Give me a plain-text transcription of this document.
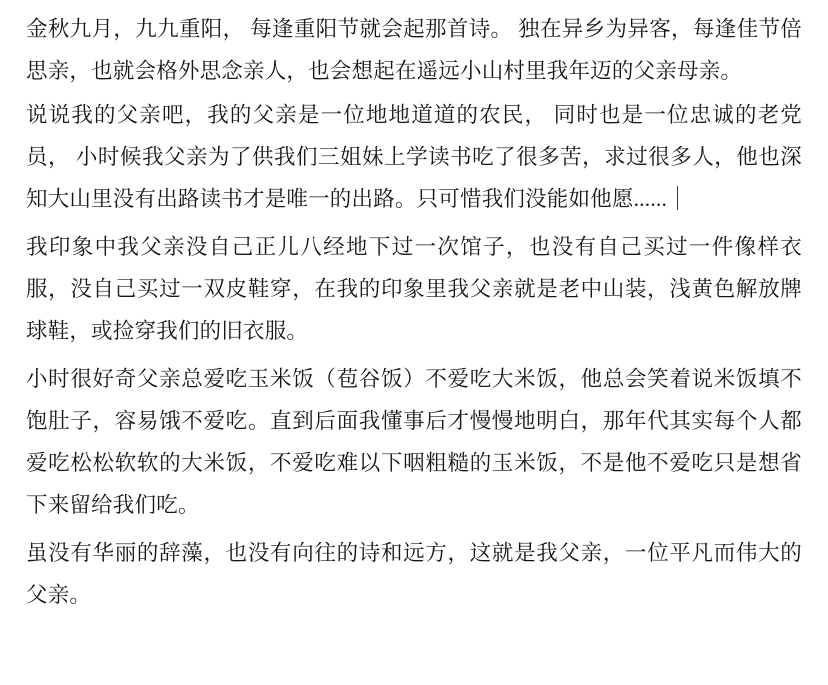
金秋九月，九九重阳， 每逢重阳节就会起那首诗。 独在异乡为异客，每逢佳节倍思亲，也就会格外思念亲人，也会想起在遥远小山村里我年迈的父亲母亲。

说说我的父亲吧，我的父亲是一位地地道道的农民， 同时也是一位忠诚的老党员， 小时候我父亲为了供我们三姐妹上学读书吃了很多苦，求过很多人，他也深知大山里没有出路读书才是唯一的出路。只可惜我们没能如他愿......

我印象中我父亲没自己正儿八经地下过一次馆子，也没有自己买过一件像样衣服，没自己买过一双皮鞋穿，在我的印象里我父亲就是老中山装，浅黄色解放牌球鞋，或捡穿我们的旧衣服。

小时很好奇父亲总爱吃玉米饭（苞谷饭）不爱吃大米饭，他总会笑着说米饭填不饱肚子，容易饿不爱吃。直到后面我懂事后才慢慢地明白，那年代其实每个人都爱吃松松软软的大米饭，不爱吃难以下咽粗糙的玉米饭，不是他不爱吃只是想省下来留给我们吃。

虽没有华丽的辞藻，也没有向往的诗和远方，这就是我父亲，一位平凡而伟大的父亲。
